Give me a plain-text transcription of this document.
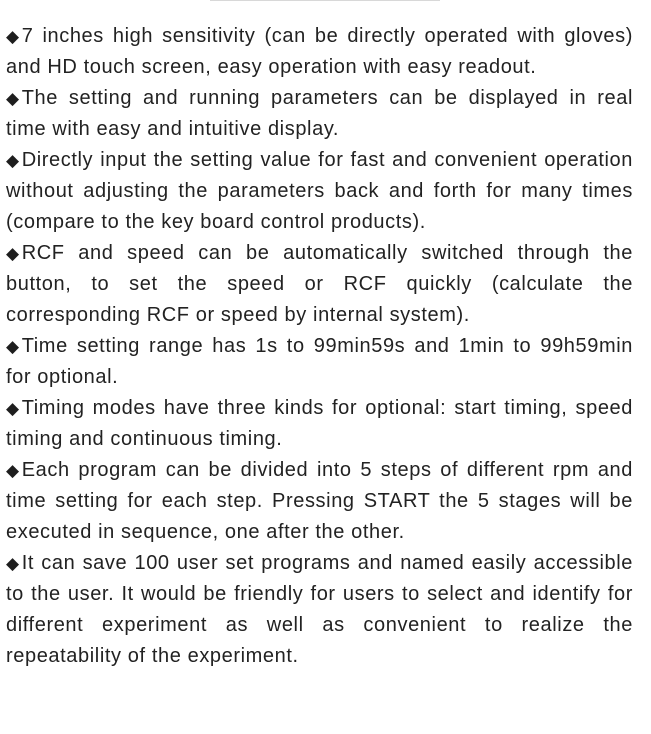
◆ 7 inches high sensitivity (can be directly operated with gloves) and HD touch screen, easy operation with easy readout.
◆ The setting and running parameters can be displayed in real time with easy and intuitive display.
◆ Directly input the setting value for fast and convenient operation without adjusting the parameters back and forth for many times (compare to the key board control products).
◆ RCF and speed can be automatically switched through the button, to set the speed or RCF quickly (calculate the corresponding RCF or speed by internal system).
◆ Time setting range has 1s to 99min59s and 1min to 99h59min for optional.
◆ Timing modes have three kinds for optional: start timing, speed timing and continuous timing.
◆ Each program can be divided into 5 steps of different rpm and time setting for each step. Pressing START the 5 stages will be executed in sequence, one after the other.
◆ It can save 100 user set programs and named easily accessible to the user. It would be friendly for users to select and identify for different experiment as well as convenient to realize the repeatability of the experiment.
